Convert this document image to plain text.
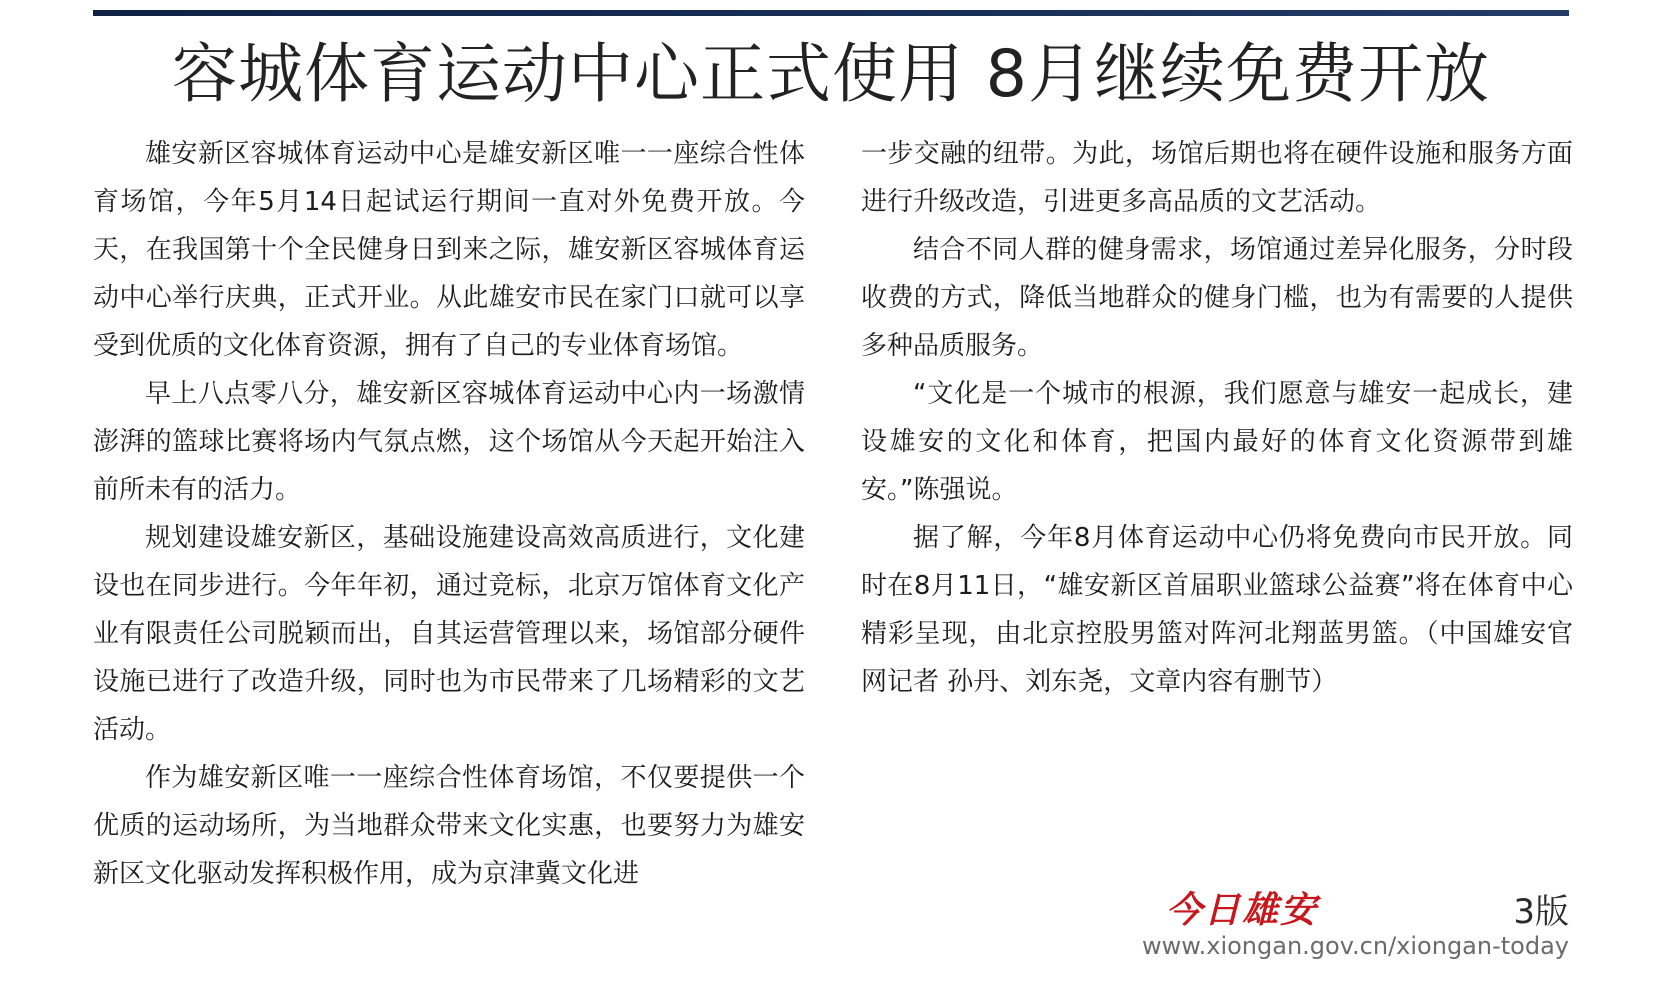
容城体育运动中心正式使用 8月继续免费开放

雄安新区容城体育运动中心是雄安新区唯一一座综合性体育场馆，今年5月14日起试运行期间一直对外免费开放。今天，在我国第十个全民健身日到来之际，雄安新区容城体育运动中心举行庆典，正式开业。从此雄安市民在家门口就可以享受到优质的文化体育资源，拥有了自己的专业体育场馆。

早上八点零八分，雄安新区容城体育运动中心内一场激情澎湃的篮球比赛将场内气氛点燃，这个场馆从今天起开始注入前所未有的活力。

规划建设雄安新区，基础设施建设高效高质进行，文化建设也在同步进行。今年年初，通过竞标，北京万馆体育文化产业有限责任公司脱颖而出，自其运营管理以来，场馆部分硬件设施已进行了改造升级，同时也为市民带来了几场精彩的文艺活动。

作为雄安新区唯一一座综合性体育场馆，不仅要提供一个优质的运动场所，为当地群众带来文化实惠，也要努力为雄安新区文化驱动发挥积极作用，成为京津冀文化进

一步交融的纽带。为此，场馆后期也将在硬件设施和服务方面进行升级改造，引进更多高品质的文艺活动。

结合不同人群的健身需求，场馆通过差异化服务，分时段收费的方式，降低当地群众的健身门槛，也为有需要的人提供多种品质服务。

“文化是一个城市的根源，我们愿意与雄安一起成长，建设雄安的文化和体育，把国内最好的体育文化资源带到雄安。”陈强说。

据了解，今年8月体育运动中心仍将免费向市民开放。同时在8月11日，“雄安新区首届职业篮球公益赛”将在体育中心精彩呈现，由北京控股男篮对阵河北翔蓝男篮。（中国雄安官网记者 孙丹、刘东尧，文章内容有删节）

今日雄安	3版
www.xiongan.gov.cn/xiongan-today
